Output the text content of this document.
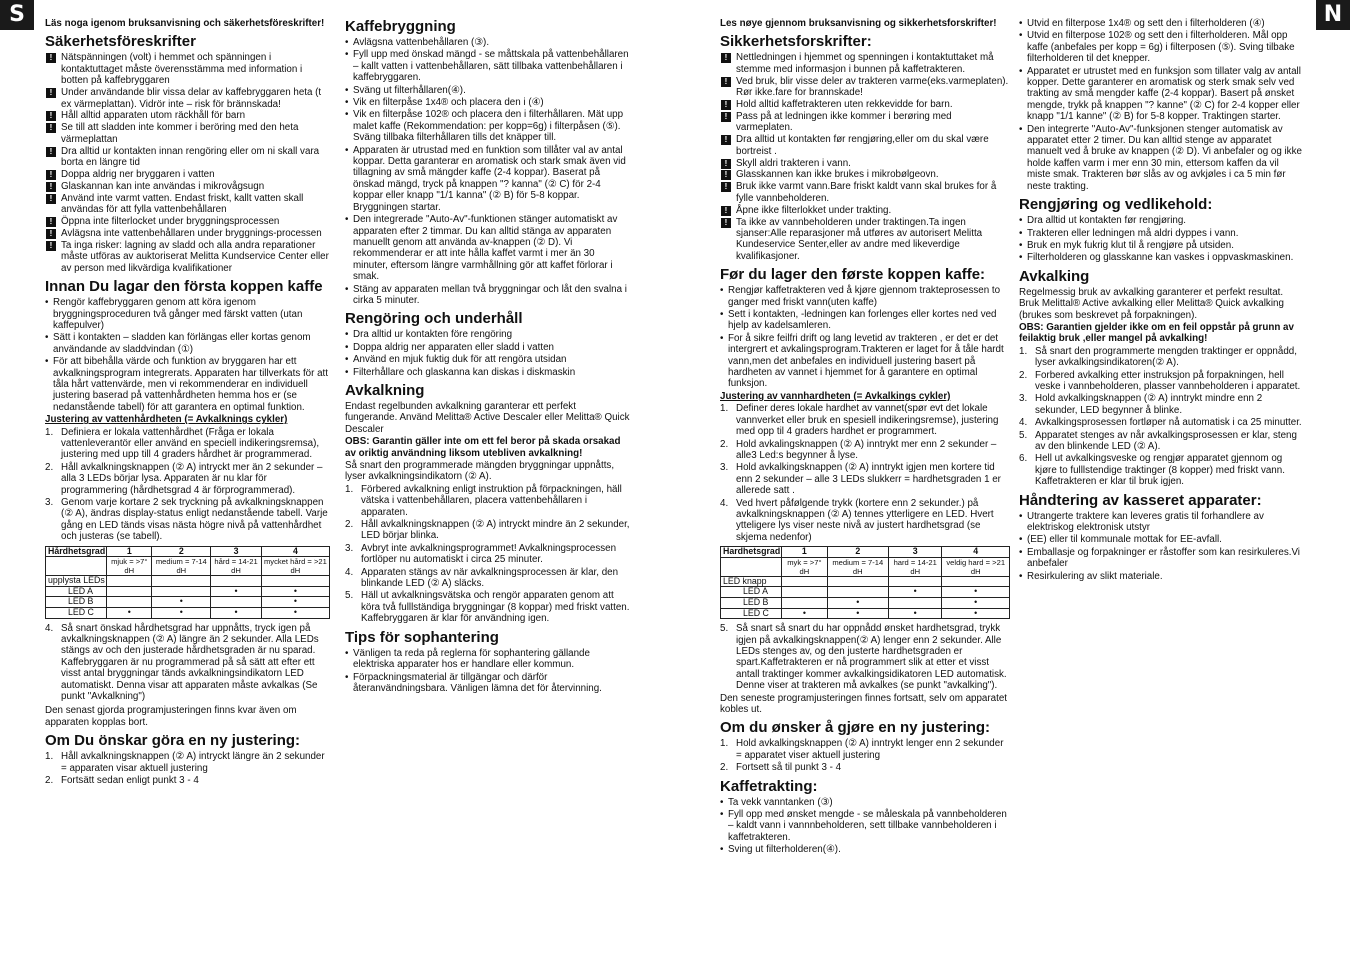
S	N

Läs noga igenom bruksanvisning och säkerhetsföreskrifter!

Säkerhetsföreskrifter
! Nätspänningen (volt) i hemmet och spänningen i kontaktuttaget måste överensstämma med information i botten på kaffebryggaren
! Under användande blir vissa delar av kaffebryggaren heta (t ex värmeplattan). Vidrör inte – risk för brännskada!
! Håll alltid apparaten utom räckhåll för barn
! Se till att sladden inte kommer i beröring med den heta värmeplattan
! Dra alltid ur kontakten innan rengöring eller om ni skall vara borta en längre tid
! Doppa aldrig ner bryggaren i vatten
! Glaskannan kan inte användas i mikrovågsugn
! Använd inte varmt vatten. Endast friskt, kallt vatten skall användas för att fylla vattenbehållaren
! Öppna inte filterlocket under bryggningsprocessen
! Avlägsna inte vattenbehållaren under bryggnings-processen
! Ta inga risker: lagning av sladd och alla andra reparationer måste utföras av auktoriserat Melitta Kundservice Center eller av person med likvärdiga kvalifikationer
Innan Du lagar den första koppen kaffe
• Rengör kaffebryggaren genom att köra igenom bryggningsproceduren två gånger med färskt vatten (utan kaffepulver)
• Sätt i kontakten – sladden kan förlängas eller kortas genom användande av sladdvindan (①)
• För att bibehålla värde och funktion av bryggaren har ett avkalkningsprogram integrerats. Apparaten har tillverkats för att tåla hårt vattenvärde, men vi rekommenderar en individuell justering baserad på vattenhårdheten hemma hos er (se nedanstående tabell) för att garantera en optimal funktion.

Justering av vattenhårdheten (= Avkalknings cykler)

1. Definiera er lokala vattenhårdhet (Fråga er lokala vattenleverantör eller använd en speciell indikeringsremsa), justering med upp till 4 graders hårdhet är programmerad.
2. Håll avkalkningsknappen (② A) intryckt mer än 2 sekunder – alla 3 LEDs börjar lysa. Apparaten är nu klar för programmering (hårdhetsgrad 4 är förprogrammerad).
3. Genom varje kortare 2 sek tryckning på avkalkningsknappen (② A), ändras display-status enligt nedanstående tabell. Varje gång en LED tänds visas nästa högre nivå på vattenhårdhet och justeras (se tabell).
Hårdhetsgrad	1	2	3	4
	mjuk = >7° dH	medium = 7-14 dH	hård = 14-21 dH	mycket hård = >21 dH
upplysta LEDs				
LED A			•	•
LED B		•		•
LED C	•	•	•	•
4. Så snart önskad hårdhetsgrad har uppnåtts, tryck igen på avkalkningsknappen (② A) längre än 2 sekunder. Alla LEDs stängs av och den justerade hårdhetsgraden är nu sparad. Kaffebryggaren är nu programmerad på så sätt att efter ett visst antal bryggningar tänds avkalkningsindikatorn LED automatiskt. Denna visar att apparaten måste avkalkas (Se punkt "Avkalkning")

Den senast gjorda programjusteringen finns kvar även om apparaten kopplas bort.

Om Du önskar göra en ny justering:
1. Håll avkalkningsknappen (② A) intryckt längre än 2 sekunder = apparaten visar aktuell justering
2. Fortsätt sedan enligt punkt 3 - 4
Kaffebryggning
• Avlägsna vattenbehållaren (③).
• Fyll upp med önskad mängd - se måttskala på vattenbehållaren – kallt vatten i vattenbehållaren, sätt tillbaka vattenbehållaren i kaffebryggaren.
• Sväng ut filterhållaren(④).
• Vik en filterpåse 1x4® och placera den i (④)
• Vik en filterpåse 102® och placera den i filterhållaren. Mät upp malet kaffe (Rekommendation: per kopp=6g) i filterpåsen (⑤). Sväng tillbaka filterhållaren tills det knäpper till.
• Apparaten är utrustad med en funktion som tillåter val av antal koppar. Detta garanterar en aromatisk och stark smak även vid tillagning av små mängder kaffe (2-4 koppar). Baserat på önskad mängd, tryck på knappen "? kanna" (② C) för 2-4 koppar eller knapp "1/1 kanna" (② B) för 5-8 koppar. Bryggningen startar.
• Den integrerade "Auto-Av"-funktionen stänger automatiskt av apparaten efter 2 timmar. Du kan alltid stänga av apparaten manuellt genom att använda av-knappen (② D). Vi rekommenderar er att inte hålla kaffet varmt i mer än 30 minuter, eftersom längre varmhållning gör att kaffet förlorar i smak.
• Stäng av apparaten mellan två bryggningar och låt den svalna i cirka 5 minuter.
Rengöring och underhåll
• Dra alltid ur kontakten före rengöring
• Doppa aldrig ner apparaten eller sladd i vatten
• Använd en mjuk fuktig duk för att rengöra utsidan
• Filterhållare och glaskanna kan diskas i diskmaskin
Avkalkning

Endast regelbunden avkalkning garanterar ett perfekt fungerande. Använd Melitta® Active Descaler eller Melitta® Quick Descaler

OBS: Garantin gäller inte om ett fel beror på skada orsakad av oriktig användning liksom utebliven avkalkning!

Så snart den programmerade mängden bryggningar uppnåtts, lyser avkalkningsindikatorn (② A).

1. Förbered avkalkning enligt instruktion på förpackningen, häll vätska i vattenbehållaren, placera vattenbehållaren i apparaten.
2. Håll avkalkningsknappen (② A) intryckt mindre än 2 sekunder, LED börjar blinka.
3. Avbryt inte avkalkningsprogrammet! Avkalkningsprocessen fortlöper nu automatiskt i circa 25 minuter.
4. Apparaten stängs av när avkalkningsprocessen är klar, den blinkande LED (② A) släcks.
5. Häll ut avkalkningsvätska och rengör apparaten genom att köra två fulllständiga bryggningar (8 koppar) med friskt vatten. Kaffebryggaren är klar för användning igen.
Tips för sophantering
• Vänligen ta reda på reglerna för sophantering gällande elektriska apparater hos er handlare eller kommun.
• Förpackningsmaterial är tillgängar och därför återanvändningsbara. Vänligen lämna det för återvinning.

Les nøye gjennom bruksanvisning og sikkerhetsforskrifter!

Sikkerhetsforskrifter:
! Nettledningen i hjemmet og spenningen i kontaktuttaket må stemme med informasjon i bunnen på kaffetrakteren.
! Ved bruk, blir visse deler av trakteren varme(eks.varmeplaten). Rør ikke.fare for brannskade!
! Hold alltid kaffetrakteren uten rekkevidde for barn.
! Pass på at ledningen ikke kommer i berøring med varmeplaten.
! Dra alltid ut kontakten før rengjøring,eller om du skal være bortreist .
! Skyll aldri trakteren i vann.
! Glasskannen kan ikke brukes i mikrobølgeovn.
! Bruk ikke varmt vann.Bare friskt kaldt vann skal brukes for å fylle vannbeholderen.
! Åpne ikke filterlokket under trakting.
! Ta ikke av vannbeholderen under traktingen.Ta ingen sjanser:Alle reparasjoner må utføres av autorisert Melitta Kundeservice Senter,eller av andre med likeverdige kvalifikasjoner.
Før du lager den første koppen kaffe:
• Rengjør kaffetrakteren ved å kjøre gjennom trakteprosessen to ganger med friskt vann(uten kaffe)
• Sett i kontakten, -ledningen kan forlenges eller kortes ned ved hjelp av kadelsamleren.
• For å sikre feilfri drift og lang levetid av trakteren , er det er det intergrert et avkalingsprogram.Trakteren er laget for å tåle hardt vann,men det anbefales en individuell justering basert på hardheten av vannet i hjemmet for å garantere en optimal funksjon.

Justering av vannhardheten (= Avkalkings cykler)

1. Definer deres lokale hardhet av vannet(spør evt det lokale vannverket eller bruk en spesiell indikeringsremse), justering med opp til 4 graders hardhet er programmert.
2. Hold avkalingsknappen (② A) inntrykt mer enn 2 sekunder – alle3 Led:s begynner å lyse.
3. Hold avkalkingsknappen (② A) inntrykt igjen men kortere tid enn 2 sekunder – alle 3 LEDs slukkerr = hardhetsgraden 1 er allerede satt .
4. Ved hvert påfølgende trykk (kortere enn 2 sekunder.) på avkalkningsknappen (② A) tennes ytterligere en LED. Hvert ytteligere lys viser neste nivå av justert hardhetsgrad (se skjema nedenfor)
Hardhetsgrad	1	2	3	4
	myk = >7° dH	medium = 7-14 dH	hard = 14-21 dH	veldig hard = >21 dH
LED knapp				
LED A			•	•
LED B		•		•
LED C	•	•	•	•
5. Så snart så snart du har oppnådd ønsket hardhetsgrad, trykk igjen på avkalkingsknappen(② A) lenger enn 2 sekunder. Alle LEDs stenges av, og den justerte hardhetsgraden er spart.Kaffetrakteren er nå programmert slik at etter et visst antall traktinger kommer avkalkingsidikatoren LED automatisk. Denne viser at trakteren må avkalkes (se punkt "avkalking").

Den seneste programjusteringen finnes fortsatt, selv om apparatet kobles ut.

Om du ønsker å gjøre en ny justering:
1. Hold avkalkingsknappen (② A) inntrykt lenger enn 2 sekunder = apparatet viser aktuell justering
2. Fortsett så til punkt 3 - 4
Kaffetrakting:
• Ta vekk vanntanken (③)
• Fyll opp med ønsket mengde - se måleskala på vannbeholderen – kaldt vann i vannnbeholderen, sett tillbake vannbeholderen i kaffetrakteren.
• Sving ut filterholderen(④).
• Utvid en filterpose 1x4® og sett den i filterholderen (④)
• Utvid en filterpose 102® og sett den i filterholderen. Mål opp kaffe (anbefales per kopp = 6g) i filterposen (⑤). Sving tilbake filterholderen til det knepper.
• Apparatet er utrustet med en funksjon som tillater valg av antall kopper. Dette garanterer en aromatisk og sterk smak selv ved trakting av små mengder kaffe (2-4 koppar). Basert på ønsket mengde, trykk på knappen "? kanne" (② C) for 2-4 kopper eller knapp "1/1 kanne" (② B) for 5-8 kopper. Traktingen starter.
• Den integrerte "Auto-Av"-funksjonen stenger automatisk av apparatet etter 2 timer. Du kan alltid stenge av apparatet manuelt ved å bruke av knappen (② D). Vi anbefaler og og ikke holde kaffen varm i mer enn 30 min, ettersom kaffen da vil miste smak. Trakteren bør slås av og avkjøles i ca 5 min før neste trakting.
Rengjøring og vedlikehold:
• Dra alltid ut kontakten før rengjøring.
• Trakteren eller ledningen må aldri dyppes i vann.
• Bruk en myk fukrig klut til å rengjøre på utsiden.
• Filterholderen og glasskanne kan vaskes i oppvaskmaskinen.
Avkalking

Regelmessig bruk av avkalking garanterer et perfekt resultat. Bruk Melittal® Active avkalking eller Melitta® Quick avkalking (brukes som beskrevet på forpakningen).

OBS: Garantien gjelder ikke om en feil oppstår på grunn av feilaktig bruk ,eller mangel på avkalking!

1. Så snart den programmerte mengden traktinger er oppnådd, lyser avkalkingsindikatoren(② A).
2. Forbered avkalking etter instruksjon på forpakningen, hell veske i vannbeholderen, plasser vannbeholderen i apparatet.
3. Hold avkalkingsknappen (② A) inntrykt mindre enn 2 sekunder, LED begynner å blinke.
4. Avkalkingsprosessen fortløper nå automatisk i ca 25 minutter.
5. Apparatet stenges av når avkalkingsprosessen er klar, steng av den blinkende LED (② A).
6. Hell ut avkalkingsveske og rengjør apparatet gjennom og kjøre to fulllstendige traktinger (8 kopper) med friskt vann. Kaffetrakteren er klar til bruk igjen.
Håndtering av kasseret apparater:
• Utrangerte traktere kan leveres gratis til forhandlere av elektriskog elektronisk utstyr
• (EE) eller til kommunale mottak for EE-avfall.
• Emballasje og forpakninger er råstoffer som kan resirkuleres.Vi anbefaler
• Resirkulering av slikt materiale.
